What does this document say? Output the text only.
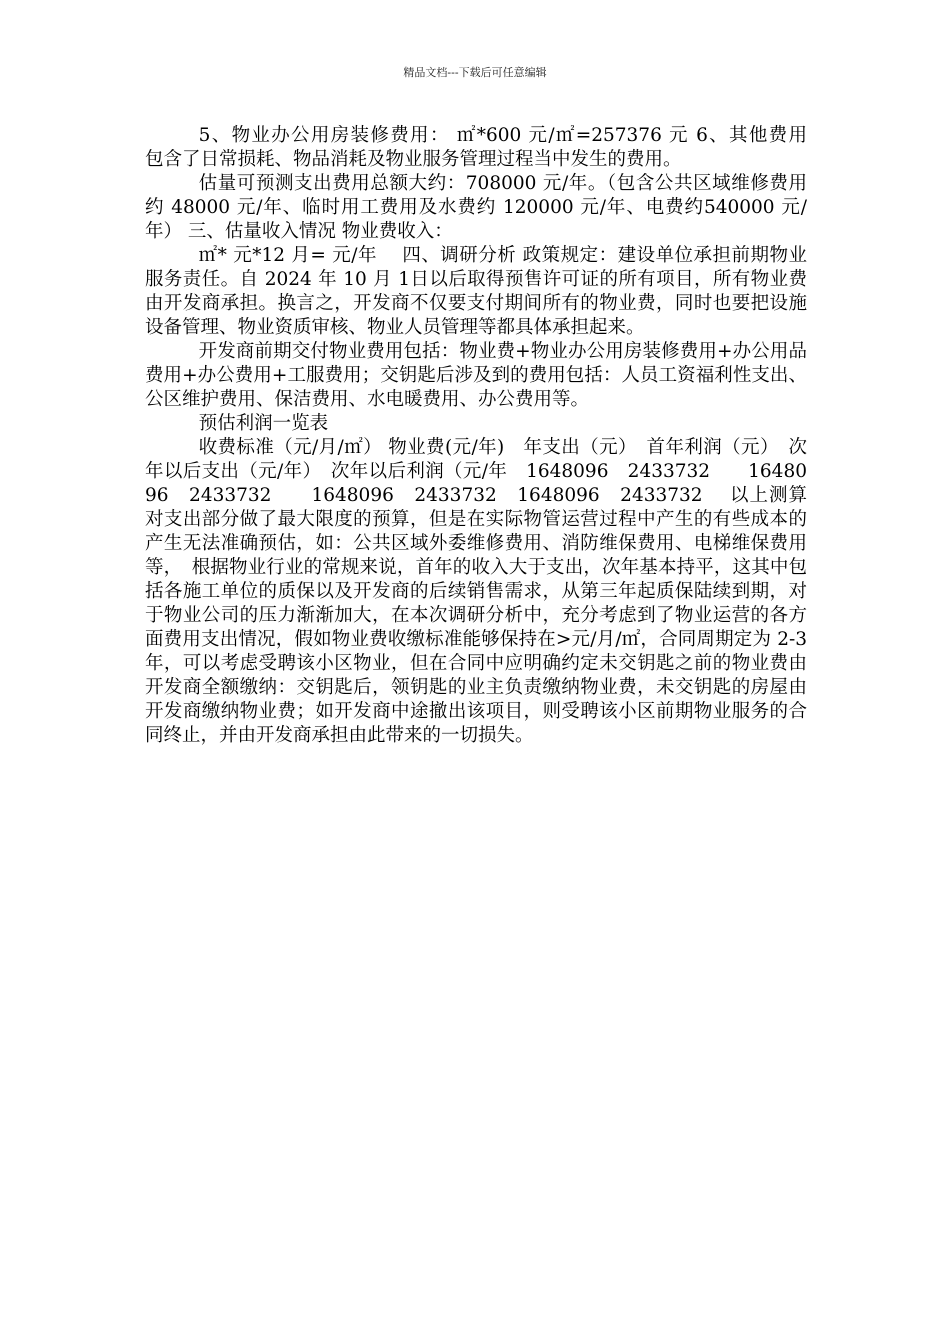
精品文档---下载后可任意编辑

5、物业办公用房装修费用： ㎡*600 元/㎡=257376 元 6、其他费用　　包含了日常损耗、物品消耗及物业服务管理过程当中发生的费用。

估量可预测支出费用总额大约：708000 元/年。（包含公共区域维修费用约 48000 元/年、临时用工费用及水费约 120000 元/年、电费约540000 元/年） 三、估量收入情况 物业费收入：

㎡* 元*12 月= 元/年　 四、调研分析 政策规定：建设单位承担前期物业服务责任。自 2024 年 10 月 1日以后取得预售许可证的所有项目，所有物业费由开发商承担。换言之，开发商不仅要支付期间所有的物业费，同时也要把设施设备管理、物业资质审核、物业人员管理等都具体承担起来。

开发商前期交付物业费用包括：物业费+物业办公用房装修费用+办公用品费用+办公费用+工服费用；交钥匙后涉及到的费用包括：人员工资福利性支出、公区维护费用、保洁费用、水电暖费用、办公费用等。

预估利润一览表

收费标准（元/月/㎡） 物业费(元/年)　年支出（元）　首年利润（元）　次年以后支出（元/年）　次年以后利润（元/年　1648096　2433732　　1648096　2433732　　1648096　2433732　1648096　2433732　 以上测算对支出部分做了最大限度的预算，但是在实际物管运营过程中产生的有些成本的产生无法准确预估，如：公共区域外委维修费用、消防维保费用、电梯维保费用等，　根据物业行业的常规来说，首年的收入大于支出，次年基本持平，这其中包括各施工单位的质保以及开发商的后续销售需求，从第三年起质保陆续到期，对于物业公司的压力渐渐加大，在本次调研分析中，充分考虑到了物业运营的各方面费用支出情况，假如物业费收缴标准能够保持在>元/月/㎡，合同周期定为 2-3 年，可以考虑受聘该小区物业，但在合同中应明确约定未交钥匙之前的物业费由开发商全额缴纳：交钥匙后，领钥匙的业主负责缴纳物业费，未交钥匙的房屋由开发商缴纳物业费；如开发商中途撤出该项目，则受聘该小区前期物业服务的合同终止，并由开发商承担由此带来的一切损失。
